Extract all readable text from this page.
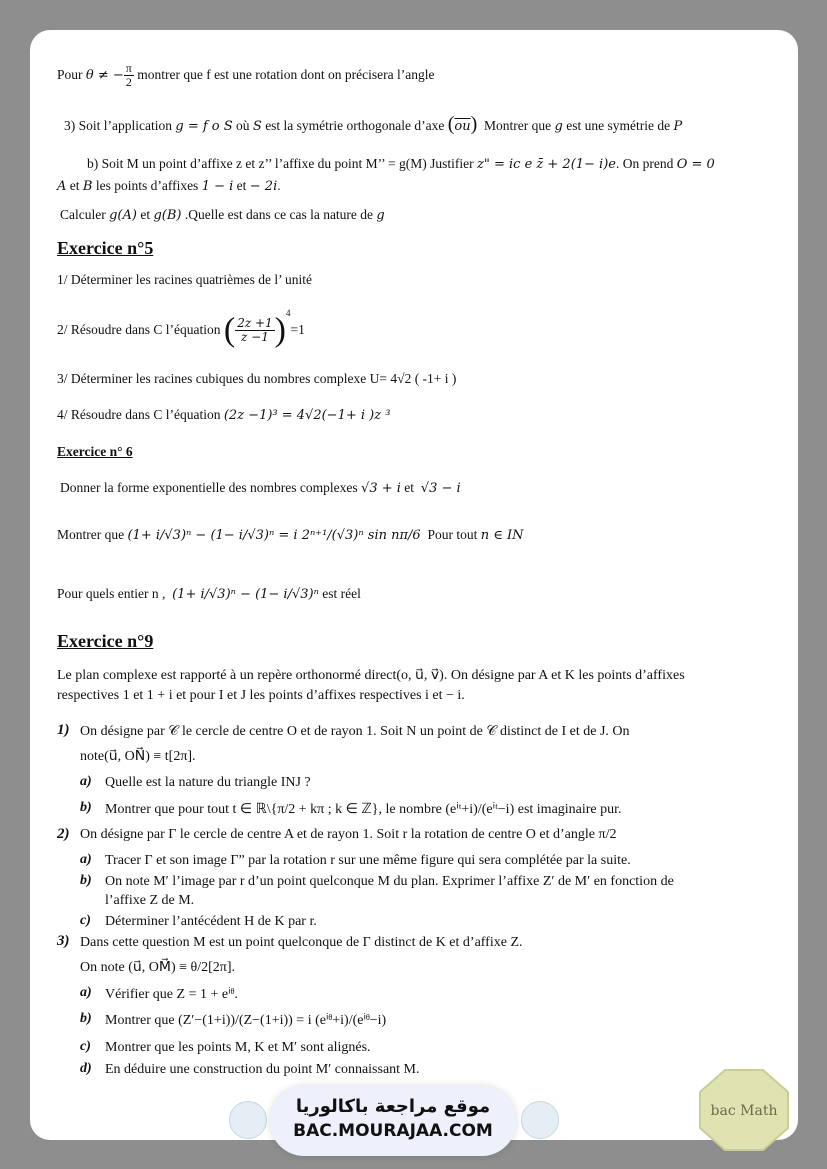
Pour θ ≠ − $\frac{\pi}{2}$ montrer que f est une rotation dont on précisera l’angle
3) Soit l’application g = f o S où S est la symétrie orthogonale d’axe $(\overline{ou})$ Montrer que g est une symétrie de P
b) Soit M un point d’affixe z et z’’ l’affixe du point M’’ = g(M) Justifier z" = ic e z̄ + 2(1− i)e. On prend O = 0
A et B les points d’affixes 1 − i et − 2i.
Calculer g(A) et g(B) .Quelle est dans ce cas la nature de g
Exercice n°5
1/ Déterminer les racines quatrièmes de l’ unité
2/ Résoudre dans C l’équation ( $\frac{2z +1}{z -1} )^4=1$
3/ Déterminer les racines cubiques du nombres complexe U= 4√2 ( -1+ i )
4/ Résoudre dans C l’équation (2z −1)³ = 4√2(−1+ i )z ³
Exercice n° 6
Donner la forme exponentielle des nombres complexes √3 + i et √3 − i
Montrer que (1+ i/√3)ⁿ − (1− i/√3)ⁿ = i 2ⁿ⁺¹/(√3)ⁿ sin nπ/6 Pour tout n ∈ IN
Pour quels entier n , (1+ i/√3)ⁿ − (1− i/√3)ⁿ est réel
Exercice n°9
Le plan complexe est rapporté à un repère orthonormé direct(o, u⃗, v⃗). On désigne par A et K les points d’affixes
respectives 1 et 1 + i et pour I et J les points d’affixes respectives i et − i.
1) On désigne par 𝒞 le cercle de centre O et de rayon 1. Soit N un point de 𝒞 distinct de I et de J. On
note(u⃗, ON⃗) ≡ t[2π].
a) Quelle est la nature du triangle INJ ?
b) Montrer que pour tout t ∈ ℝ\{π/2 + kπ ; k ∈ ℤ}, le nombre (eⁱᵗ+i)/(eⁱᵗ−i) est imaginaire pur.
2) On désigne par Γ le cercle de centre A et de rayon 1. Soit r la rotation de centre O et d’angle π/2
a) Tracer Γ et son image Γ” par la rotation r sur une même figure qui sera complétée par la suite.
b) On note M′ l’image par r d’un point quelconque M du plan. Exprimer l’affixe Z′ de M′ en fonction de
l’affixe Z de M.
c) Déterminer l’antécédent H de K par r.
3) Dans cette question M est un point quelconque de Γ distinct de K et d’affixe Z.
On note (u⃗, OM⃗) ≡ θ/2[2π].
a) Vérifier que Z = 1 + eⁱᶿ.
b) Montrer que (Z′−(1+i))/(Z−(1+i)) = i (eⁱᶿ+i)/(eⁱᶿ−i)
c) Montrer que les points M, K et M′ sont alignés.
d) En déduire une construction du point M′ connaissant M.
موقع مراجعة باكالوريا
BAC.MOURAJAA.COM
bac Math
